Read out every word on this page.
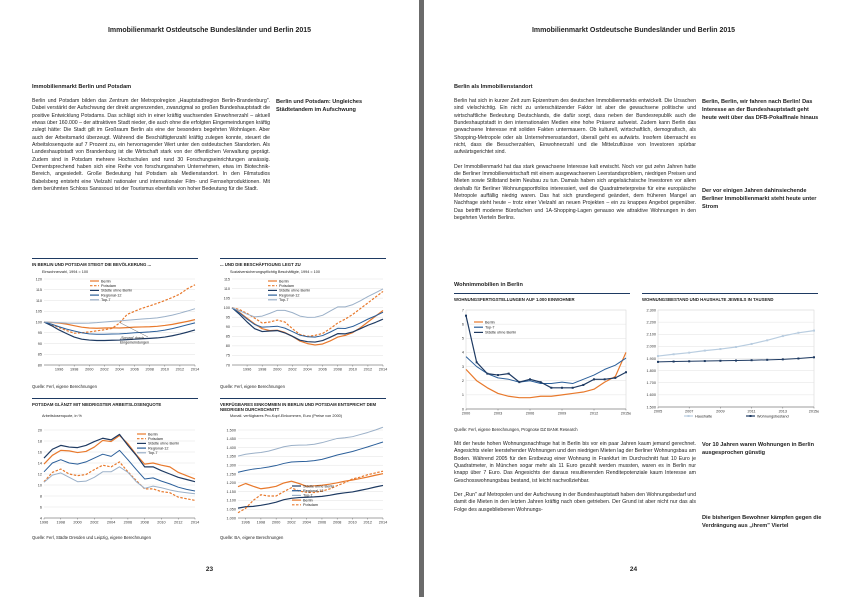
Immobilienmarkt Ostdeutsche Bundesländer und Berlin 2015
Immobilienmarkt Berlin und Potsdam

Berlin und Potsdam bilden das Zentrum der Metropolregion „Hauptstadtregion Berlin-Brandenburg". Dabei verstärkt der Aufschwung der direkt angrenzenden, zwanzigmal so großen Bundeshauptstadt die positive Entwicklung Potsdams. Das schlägt sich in einer kräftig wachsenden Einwohnerzahl – aktuell etwas über 160.000 – der attraktiven Stadt nieder, die auch ohne die erfolgten Eingemeindungen kräftig zulegt hätte: Die Stadt gilt im Großraum Berlin als eine der besonders begehrten Wohnlagen. Aber auch der Arbeitsmarkt überzeugt. Während die Beschäftigtenzahl kräftig zulegen konnte, steuert die Arbeitslosenquote auf 7 Prozent zu, ein hervorragender Wert unter den ostdeutschen Standorten. Als Landeshauptstadt von Brandenburg ist die Wirtschaft stark von der öffentlichen Verwaltung geprägt. Zudem sind in Potsdam mehrere Hochschulen und rund 30 Forschungseinrichtungen ansässig. Dementsprechend haben sich eine Reihe von forschungsnahen Unternehmen, etwa im Biotechnik-Bereich, angesiedelt. Große Bedeutung hat Potsdam als Medienstandort. In den Filmstudios Babelsberg entsteht eine Vielzahl nationaler und internationaler Film- und Fernsehproduktionen. Mit dem berühmten Schloss Sanssouci ist der Tourismus ebenfalls von hoher Bedeutung für die Stadt.

Berlin und Potsdam: Ungleiches Städtetandem im Aufschwung
IN BERLIN UND POTSDAM STEIGT DIE BEVÖLKERUNG ...
Einwohnerzahl, 1994 = 100
80
85
90
95
100
105
110
115
120
1996 1998 2000 2002 2004 2006 2008 2010 2012 2014
Berlin
Potsdam
Städte ohne Berlin
Regional-12
Top-7
„Sprung" durch
Eingemeindungen
Quelle: Ferl, eigene Berechnungen
... UND DIE BESCHÄFTIGUNG LEGT ZU
Sozialversicherungspflichtig Beschäftigte, 1994 = 100
70
75
80
85
90
95
100
105
110
115
1996 1998 2000 2002 2004 2006 2008 2010 2012 2014
Berlin
Potsdam
Städte ohne Berlin
Regional-12
Top-7
Quelle: Ferl, eigene Berechnungen
POTSDAM GLÄNZT MIT NIEDRIGSTER ARBEITSLOSENQUOTE
Arbeitslosenquote, in %
4
6
8
10
12
14
16
18
20
1996 1998 2000 2002 2004 2006 2008 2010 2012 2014
Berlin
Potsdam
Städte ohne Berlin
Regional-12
Top-7
Quelle: Ferl, Städte Dresden und Leipzig, eigene Berechnungen
VERFÜGBARES EINKOMMEN IN BERLIN UND POTSDAM ENTSPRICHT DEM NIEDRIGEN DURCHSCHNITT
Monatl. verfügbares Pro-Kopf-Einkommen, Euro (Preise von 2000)
1.000
1.050
1.100
1.150
1.200
1.250
1.300
1.350
1.400
1.450
1.500
1996 1998 2000 2002 2004 2006 2008 2010 2012 2014
Städte ohne Berlin
Regional-12
Top-7
Berlin
Potsdam
Quelle: BA, eigene Berechnungen
23
Immobilienmarkt Ostdeutsche Bundesländer und Berlin 2015
Berlin als Immobilienstandort

Berlin hat sich in kurzer Zeit zum Epizentrum des deutschen Immobilienmarkts entwickelt. Die Ursachen sind vielschichtig. Ein nicht zu unterschätzender Faktor ist aber die gewachsene politische und wirtschaftliche Bedeutung Deutschlands, die dafür sorgt, dass neben der Bundesrepublik auch die Bundeshauptstadt in den internationalen Medien eine hohe Präsenz aufweist. Zudem kann Berlin das gewachsene Interesse mit soliden Fakten untermauern. Ob kulturell, wirtschaftlich, demografisch, als Shopping-Metropole oder als Unternehmensstandort, überall geht es aufwärts. Insofern überrascht es nicht, dass die Besucherzahlen, Einwohnerzahl und die Mittelzuflüsse von Investoren spürbar aufwärtsgerichtet sind.

Der Immobilienmarkt hat das stark gewachsene Interesse kalt erwischt. Noch vor gut zehn Jahren hatte die Berliner Immobilienwirtschaft mit einem ausgewachsenen Leerstandsproblem, niedrigen Preisen und Mieten sowie Stillstand beim Neubau zu tun. Damals haben sich angelsächsische Investoren vor allem deshalb für Berliner Wohnungsportfolios interessiert, weil die Quadratmeterpreise für eine europäische Metropole auffällig niedrig waren. Das hat sich grundlegend geändert, dem früheren Mangel an Nachfrage steht heute – trotz einer Vielzahl an neuen Projekten – ein zu knappes Angebot gegenüber. Das betrifft moderne Bürofachen und 1A-Shopping-Lagen genauso wie attraktive Wohnungen in den begehrten Vierteln Berlins.

Berlin, Berlin, wir fahren nach Berlin! Das Interesse an der Bundeshauptstadt geht heute weit über das DFB-Pokalfinale hinaus
Der vor einigen Jahren dahinsiechende Berliner Immobilienmarkt steht heute unter Strom
Wohnimmobilien in Berlin
WOHNUNGSFERTIGSTELLUNGEN AUF 1.000 EINWOHNER
0
1
2
3
4
5
6
7
2000	2003	2006	2009	2012	2015e
Berlin
Top-7
Städte ohne Berlin
Quelle: Ferl, eigene Berechnungen, Prognose DZ BANK Research
WOHNUNGSBESTAND UND HAUSHALTE JEWEILS IN TAUSEND
1.500
1.600
1.700
1.800
1.900
2.000
2.100
2.200
2.300
2005	2007	2009	2011	2013	2015e
Haushalte	Wohnungsbestand

Mit der heute hohen Wohnungsnachfrage hat in Berlin bis vor ein paar Jahren kaum jemand gerechnet. Angesichts vieler leerstehender Wohnungen und den niedrigen Mieten lag der Berliner Wohnungsbau am Boden. Während 2005 für den Erstbezug einer Wohnung in Frankfurt im Durchschnitt fast 10 Euro je Quadratmeter, in München sogar mehr als 11 Euro gezahlt werden mussten, waren es in Berlin nur knapp über 7 Euro. Das Angesichts der daraus resultierenden Renditepotenziale kaum Interesse am Geschosswohnungsbau bestand, ist leicht nachvollziehbar.

Der „Run" auf Metropolen und der Aufschwung in der Bundeshauptstadt haben den Wohnungsbedarf und damit die Mieten in den letzten Jahren kräftig nach oben getrieben. Der Grund ist aber nicht nur das als Folge des ausgebliebenen Wohnungs-

Vor 10 Jahren waren Wohnungen in Berlin ausgesprochen günstig
Die bisherigen Bewohner kämpfen gegen die Verdrängung aus „ihrem" Viertel
24
